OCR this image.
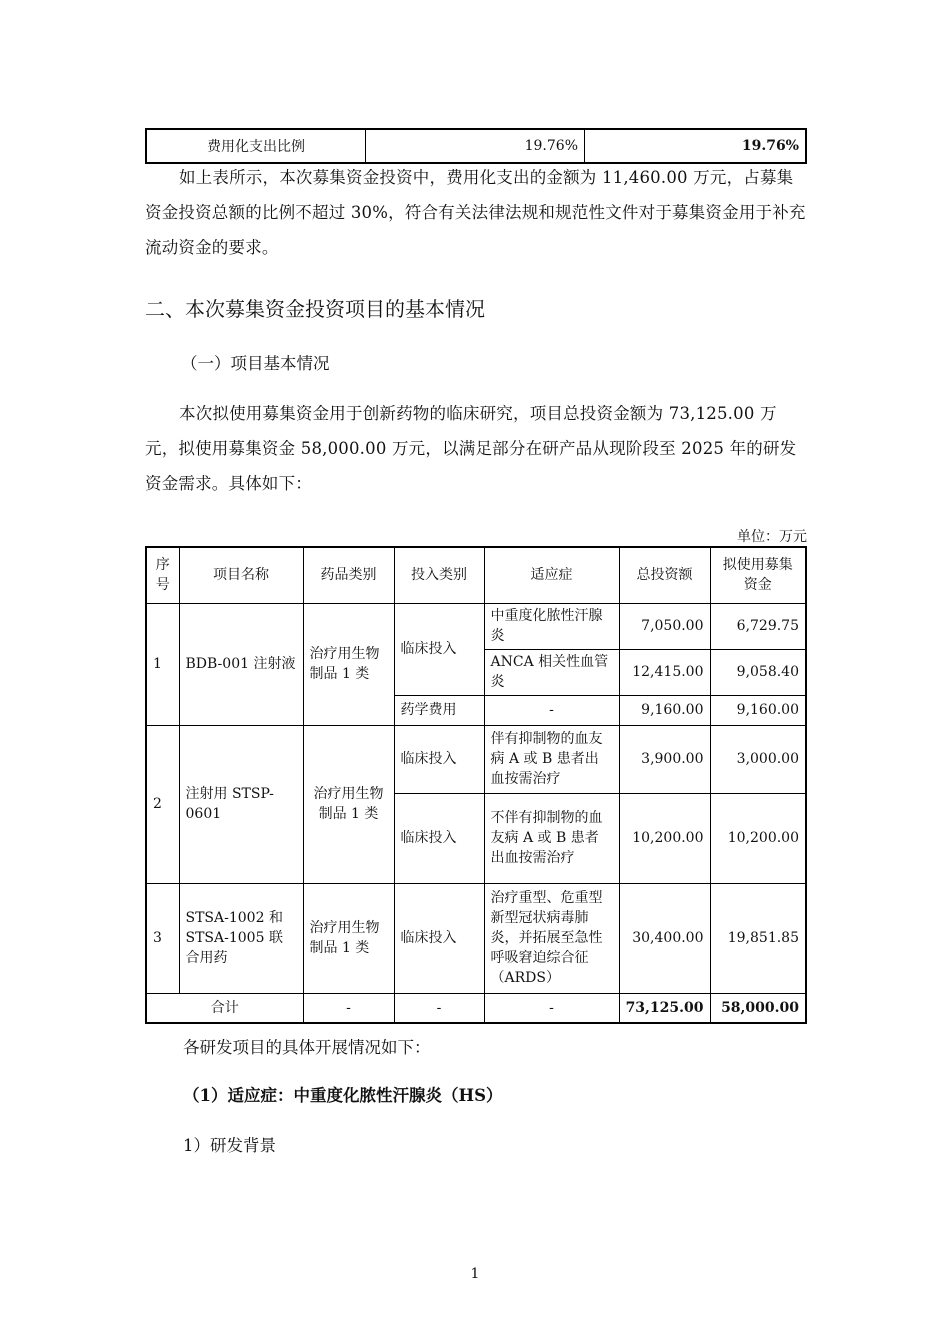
费用化支出比例	19.76%	19.76%
如上表所示，本次募集资金投资中，费用化支出的金额为 11,460.00 万元，占募集资金投资总额的比例不超过 30%，符合有关法律法规和规范性文件对于募集资金用于补充流动资金的要求。
二、本次募集资金投资项目的基本情况
（一）项目基本情况
本次拟使用募集资金用于创新药物的临床研究，项目总投资金额为 73,125.00 万元，拟使用募集资金 58,000.00 万元，以满足部分在研产品从现阶段至 2025 年的研发资金需求。具体如下：
单位：万元
序号	项目名称	药品类别	投入类别	适应症	总投资额	拟使用募集资金
1	BDB-001 注射液	治疗用生物制品 1 类	临床投入	中重度化脓性汗腺炎	7,050.00	6,729.75
				ANCA 相关性血管炎	12,415.00	9,058.40
			药学费用	-	9,160.00	9,160.00
2	注射用 STSP-0601	治疗用生物制品 1 类	临床投入	伴有抑制物的血友病 A 或 B 患者出血按需治疗	3,900.00	3,000.00
			临床投入	不伴有抑制物的血友病 A 或 B 患者出血按需治疗	10,200.00	10,200.00
3	STSA-1002 和 STSA-1005 联合用药	治疗用生物制品 1 类	临床投入	治疗重型、危重型新型冠状病毒肺炎，并拓展至急性呼吸窘迫综合征（ARDS）	30,400.00	19,851.85
合计		-	-	-	73,125.00	58,000.00
各研发项目的具体开展情况如下：
（1）适应症：中重度化脓性汗腺炎（HS）
1）研发背景
1
